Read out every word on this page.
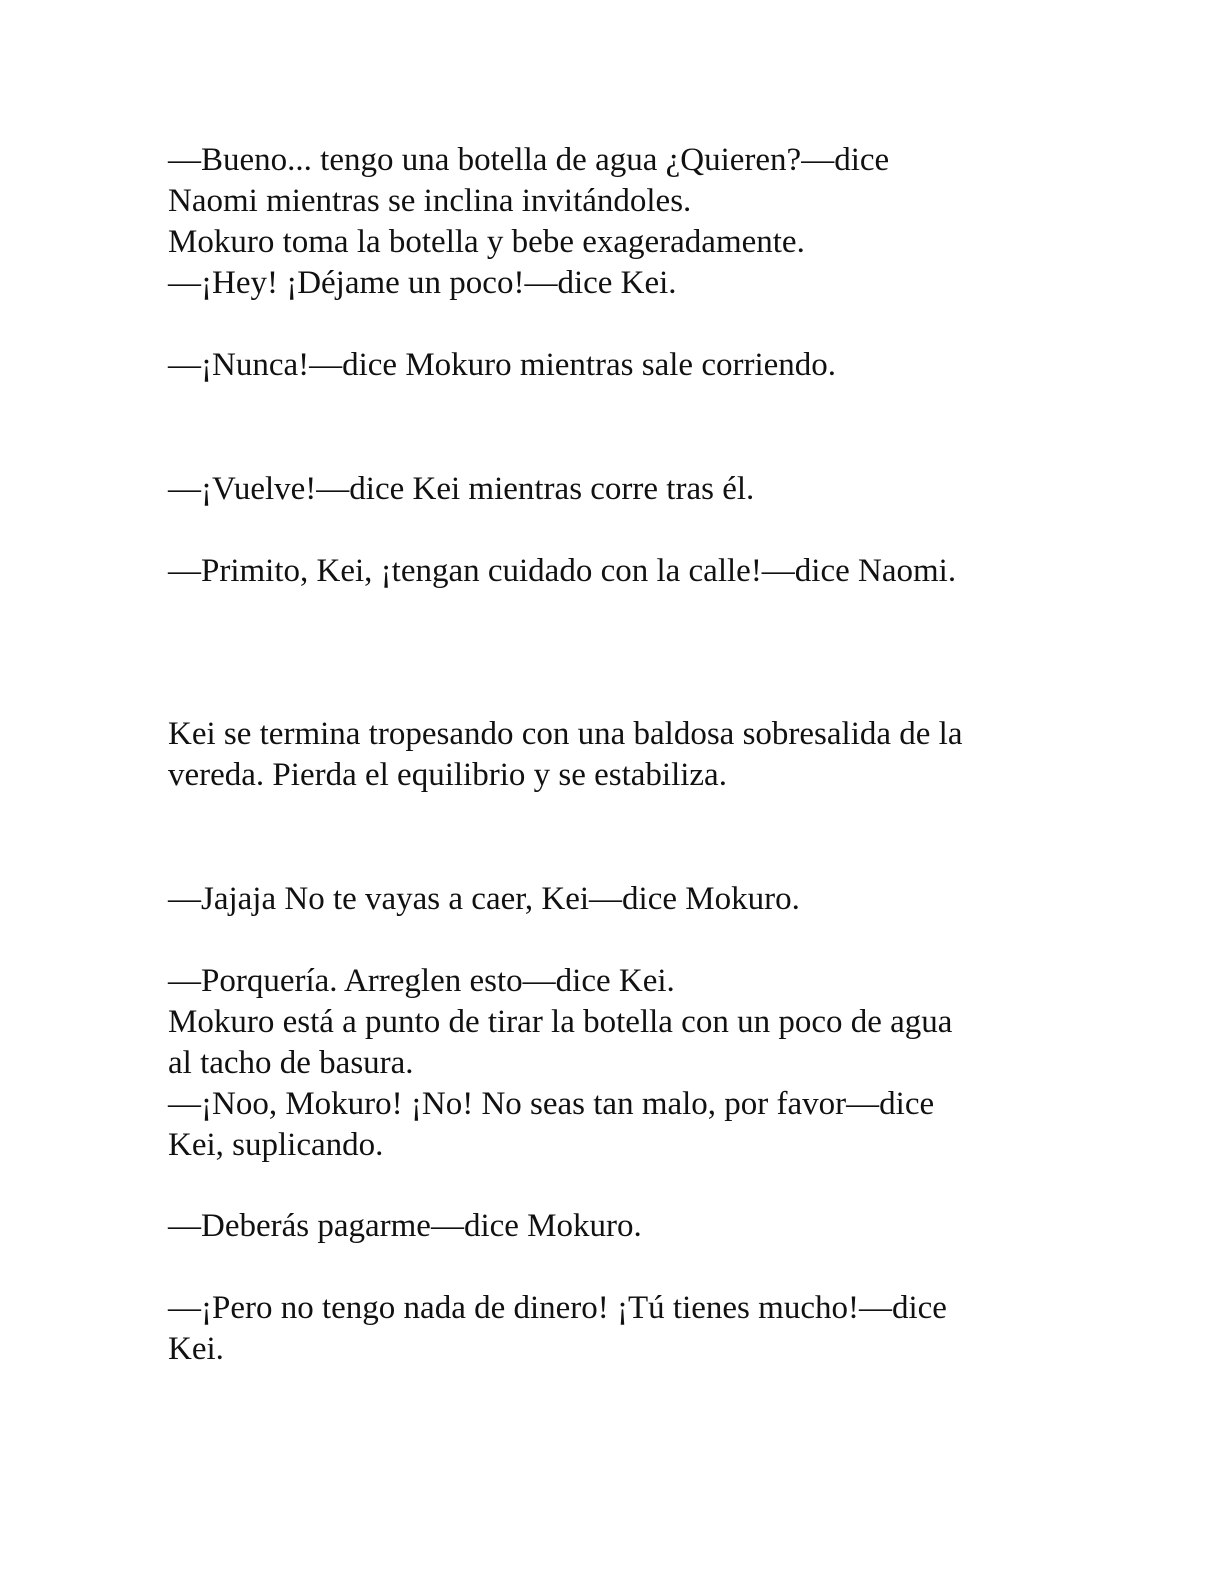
—Bueno... tengo una botella de agua ¿Quieren?—dice

Naomi mientras se inclina invitándoles.

Mokuro toma la botella y bebe exageradamente.

—¡Hey! ¡Déjame un poco!—dice Kei.

—¡Nunca!—dice Mokuro mientras sale corriendo.

—¡Vuelve!—dice Kei mientras corre tras él.

—Primito, Kei, ¡tengan cuidado con la calle!—dice Naomi.

Kei se termina tropesando con una baldosa sobresalida de la

vereda. Pierda el equilibrio y se estabiliza.

—Jajaja No te vayas a caer, Kei—dice Mokuro.

—Porquería. Arreglen esto—dice Kei.

Mokuro está a punto de tirar la botella con un poco de agua

al tacho de basura.

—¡Noo, Mokuro! ¡No! No seas tan malo, por favor—dice

Kei, suplicando.

—Deberás pagarme—dice Mokuro.

—¡Pero no tengo nada de dinero! ¡Tú tienes mucho!—dice

Kei.
